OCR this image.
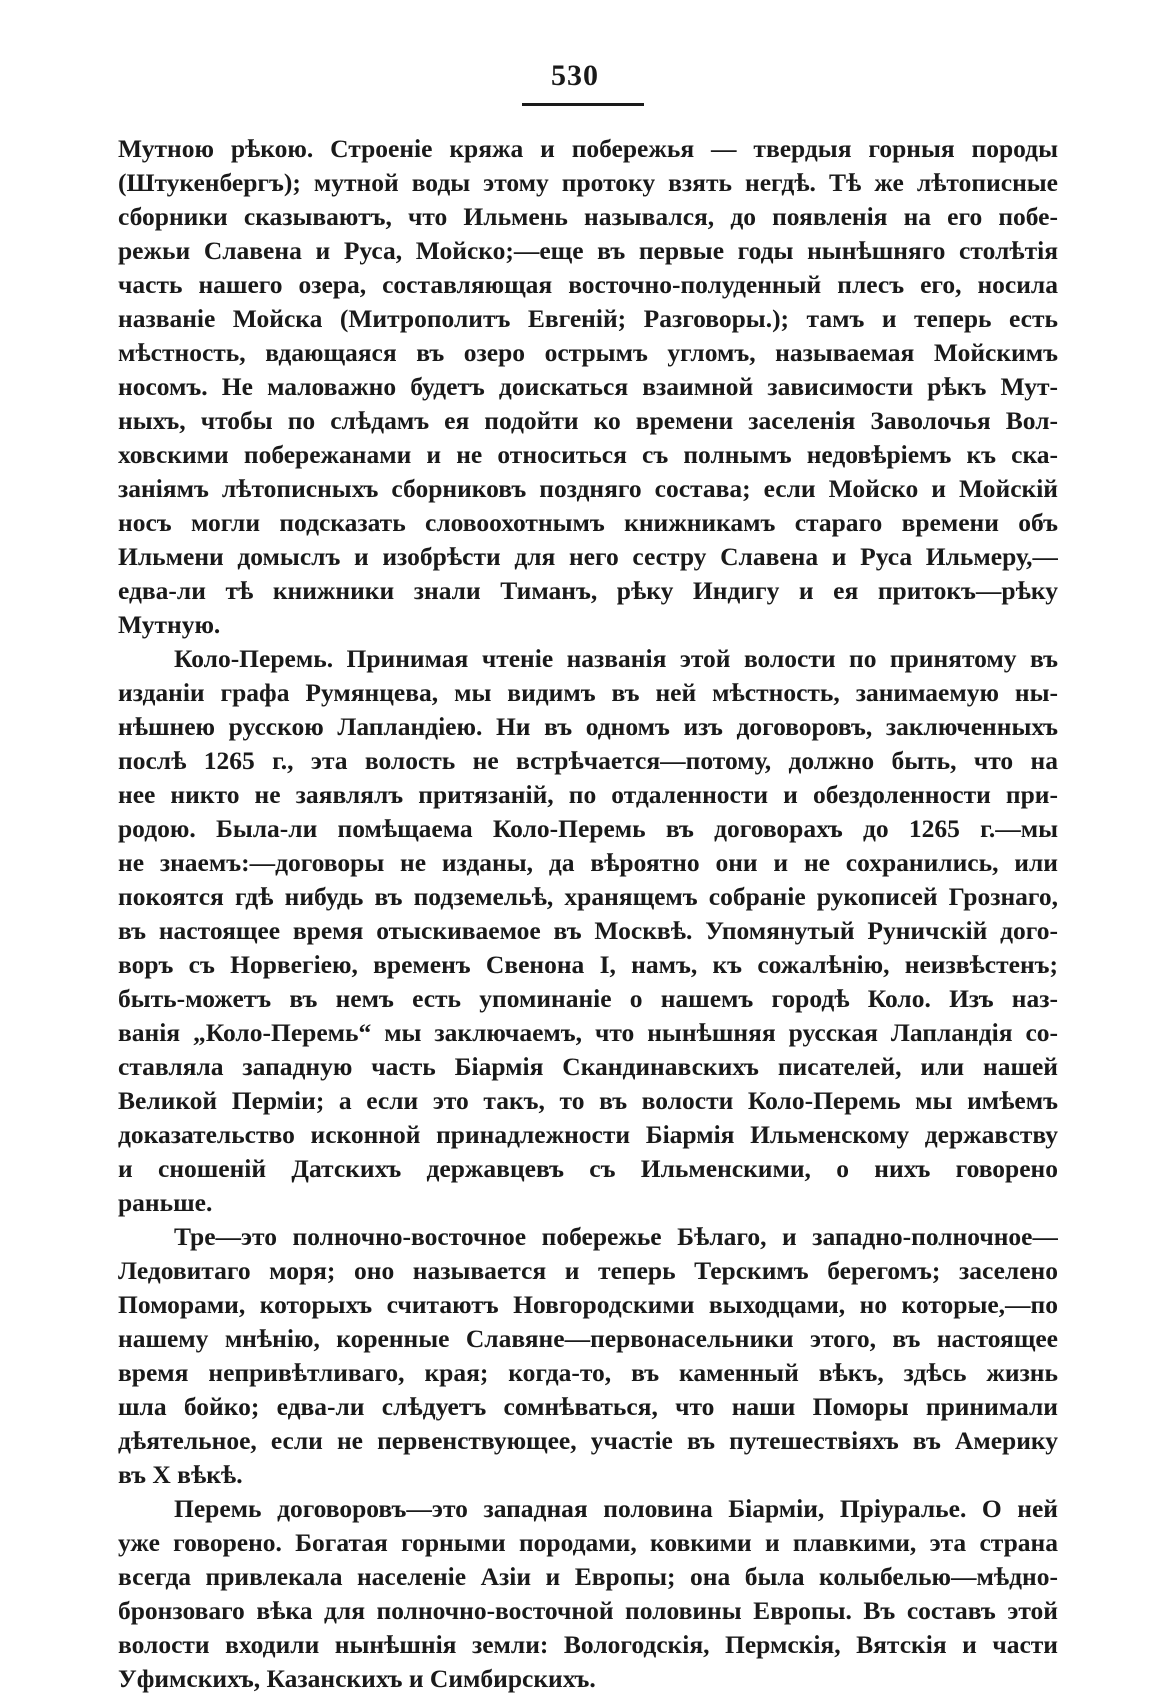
530
Мутною рѣкою. Строеніе кряжа и побережья — твердыя горныя породы
(Штукенбергъ); мутной воды этому протоку взять негдѣ. Тѣ же лѣтописные
сборники сказываютъ, что Ильмень назывался, до появленія на его побе-
режьи Славена и Руса, Мойско;—еще въ первые годы нынѣшняго столѣтія
часть нашего озера, составляющая восточно-полуденный плесъ его, носила
названіе Мойска (Митрополитъ Евгеній; Разговоры.); тамъ и теперь есть
мѣстность, вдающаяся въ озеро острымъ угломъ, называемая Мойскимъ
носомъ. Не маловажно будетъ доискаться взаимной зависимости рѣкъ Мут-
ныхъ, чтобы по слѣдамъ ея подойти ко времени заселенія Заволочья Вол-
ховскими побережанами и не относиться съ полнымъ недовѣріемъ къ ска-
заніямъ лѣтописныхъ сборниковъ поздняго состава; если Мойско и Мойскій
носъ могли подсказать словоохотнымъ книжникамъ стараго времени объ
Ильмени домыслъ и изобрѣсти для него сестру Славена и Руса Ильмеру,—
едва-ли тѣ книжники знали Тиманъ, рѣку Индигу и ея притокъ—рѣку
Мутную.
Коло-Перемь. Принимая чтеніе названія этой волости по принятому въ
изданіи графа Румянцева, мы видимъ въ ней мѣстность, занимаемую ны-
нѣшнею русскою Лапландіею. Ни въ одномъ изъ договоровъ, заключенныхъ
послѣ 1265 г., эта волость не встрѣчается—потому, должно быть, что на
нее никто не заявлялъ притязаній, по отдаленности и обездоленности при-
родою. Была-ли помѣщаема Коло-Перемь въ договорахъ до 1265 г.—мы
не знаемъ:—договоры не изданы, да вѣроятно они и не сохранились, или
покоятся гдѣ нибудь въ подземельѣ, хранящемъ собраніе рукописей Грознаго,
въ настоящее время отыскиваемое въ Москвѣ. Упомянутый Руничскій дого-
воръ съ Норвегіею, временъ Свенона I, намъ, къ сожалѣнію, неизвѣстенъ;
быть-можетъ въ немъ есть упоминаніе о нашемъ городѣ Коло. Изъ наз-
ванія „Коло-Перемь“ мы заключаемъ, что нынѣшняя русская Лапландія со-
ставляла западную часть Біармія Скандинавскихъ писателей, или нашей
Великой Перміи; а если это такъ, то въ волости Коло-Перемь мы имѣемъ
доказательство исконной принадлежности Біармія Ильменскому державству
и сношеній Датскихъ державцевъ съ Ильменскими, о нихъ говорено
раньше.
Тре—это полночно-восточное побережье Бѣлаго, и западно-полночное—
Ледовитаго моря; оно называется и теперь Терскимъ берегомъ; заселено
Поморами, которыхъ считаютъ Новгородскими выходцами, но которые,—по
нашему мнѣнію, коренные Славяне—первонасельники этого, въ настоящее
время непривѣтливаго, края; когда-то, въ каменный вѣкъ, здѣсь жизнь
шла бойко; едва-ли слѣдуетъ сомнѣваться, что наши Поморы принимали
дѣятельное, если не первенствующее, участіе въ путешествіяхъ въ Америку
въ X вѣкѣ.
Перемь договоровъ—это западная половина Біарміи, Пріуралье. О ней
уже говорено. Богатая горными породами, ковкими и плавкими, эта страна
всегда привлекала населеніе Азіи и Европы; она была колыбелью—мѣдно-
бронзоваго вѣка для полночно-восточной половины Европы. Въ составъ этой
волости входили нынѣшнія земли: Вологодскія, Пермскія, Вятскія и части
Уфимскихъ, Казанскихъ и Симбирскихъ.
